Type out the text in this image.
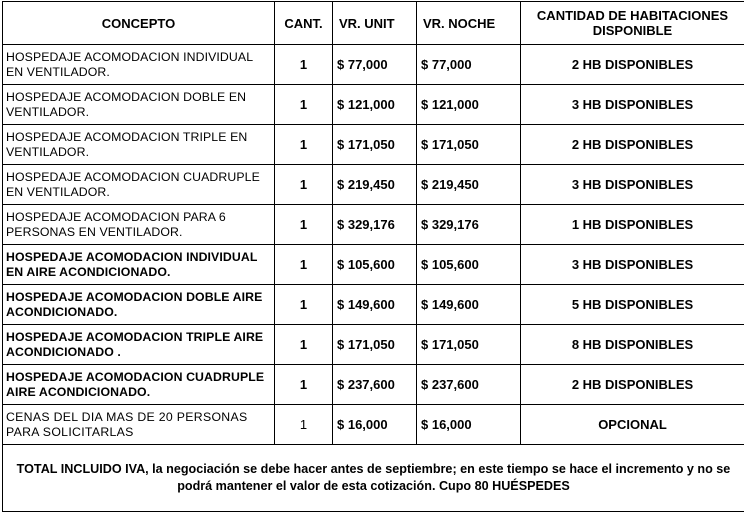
CONCEPTO	CANT.	VR. UNIT	VR. NOCHE	CANTIDAD DE HABITACIONES DISPONIBLE
HOSPEDAJE ACOMODACION INDIVIDUAL EN VENTILADOR.	1	$ 77,000	$ 77,000	2 HB DISPONIBLES
HOSPEDAJE ACOMODACION DOBLE EN VENTILADOR.	1	$ 121,000	$ 121,000	3 HB DISPONIBLES
HOSPEDAJE ACOMODACION TRIPLE EN VENTILADOR.	1	$ 171,050	$ 171,050	2 HB DISPONIBLES
HOSPEDAJE ACOMODACION CUADRUPLE EN VENTILADOR.	1	$ 219,450	$ 219,450	3 HB DISPONIBLES
HOSPEDAJE ACOMODACION PARA 6 PERSONAS EN VENTILADOR.	1	$ 329,176	$ 329,176	1 HB DISPONIBLES
HOSPEDAJE ACOMODACION INDIVIDUAL EN AIRE ACONDICIONADO.	1	$ 105,600	$ 105,600	3 HB DISPONIBLES
HOSPEDAJE ACOMODACION DOBLE AIRE ACONDICIONADO.	1	$ 149,600	$ 149,600	5 HB DISPONIBLES
HOSPEDAJE ACOMODACION TRIPLE AIRE ACONDICIONADO .	1	$ 171,050	$ 171,050	8 HB DISPONIBLES
HOSPEDAJE ACOMODACION CUADRUPLE AIRE ACONDICIONADO.	1	$ 237,600	$ 237,600	2 HB DISPONIBLES
CENAS DEL DIA MAS DE 20 PERSONAS PARA SOLICITARLAS	1	$ 16,000	$ 16,000	OPCIONAL
TOTAL INCLUIDO IVA, la negociación se debe hacer antes de septiembre; en este tiempo se hace el incremento y no se podrá mantener el valor de esta cotización. Cupo 80 HUÉSPEDES				
